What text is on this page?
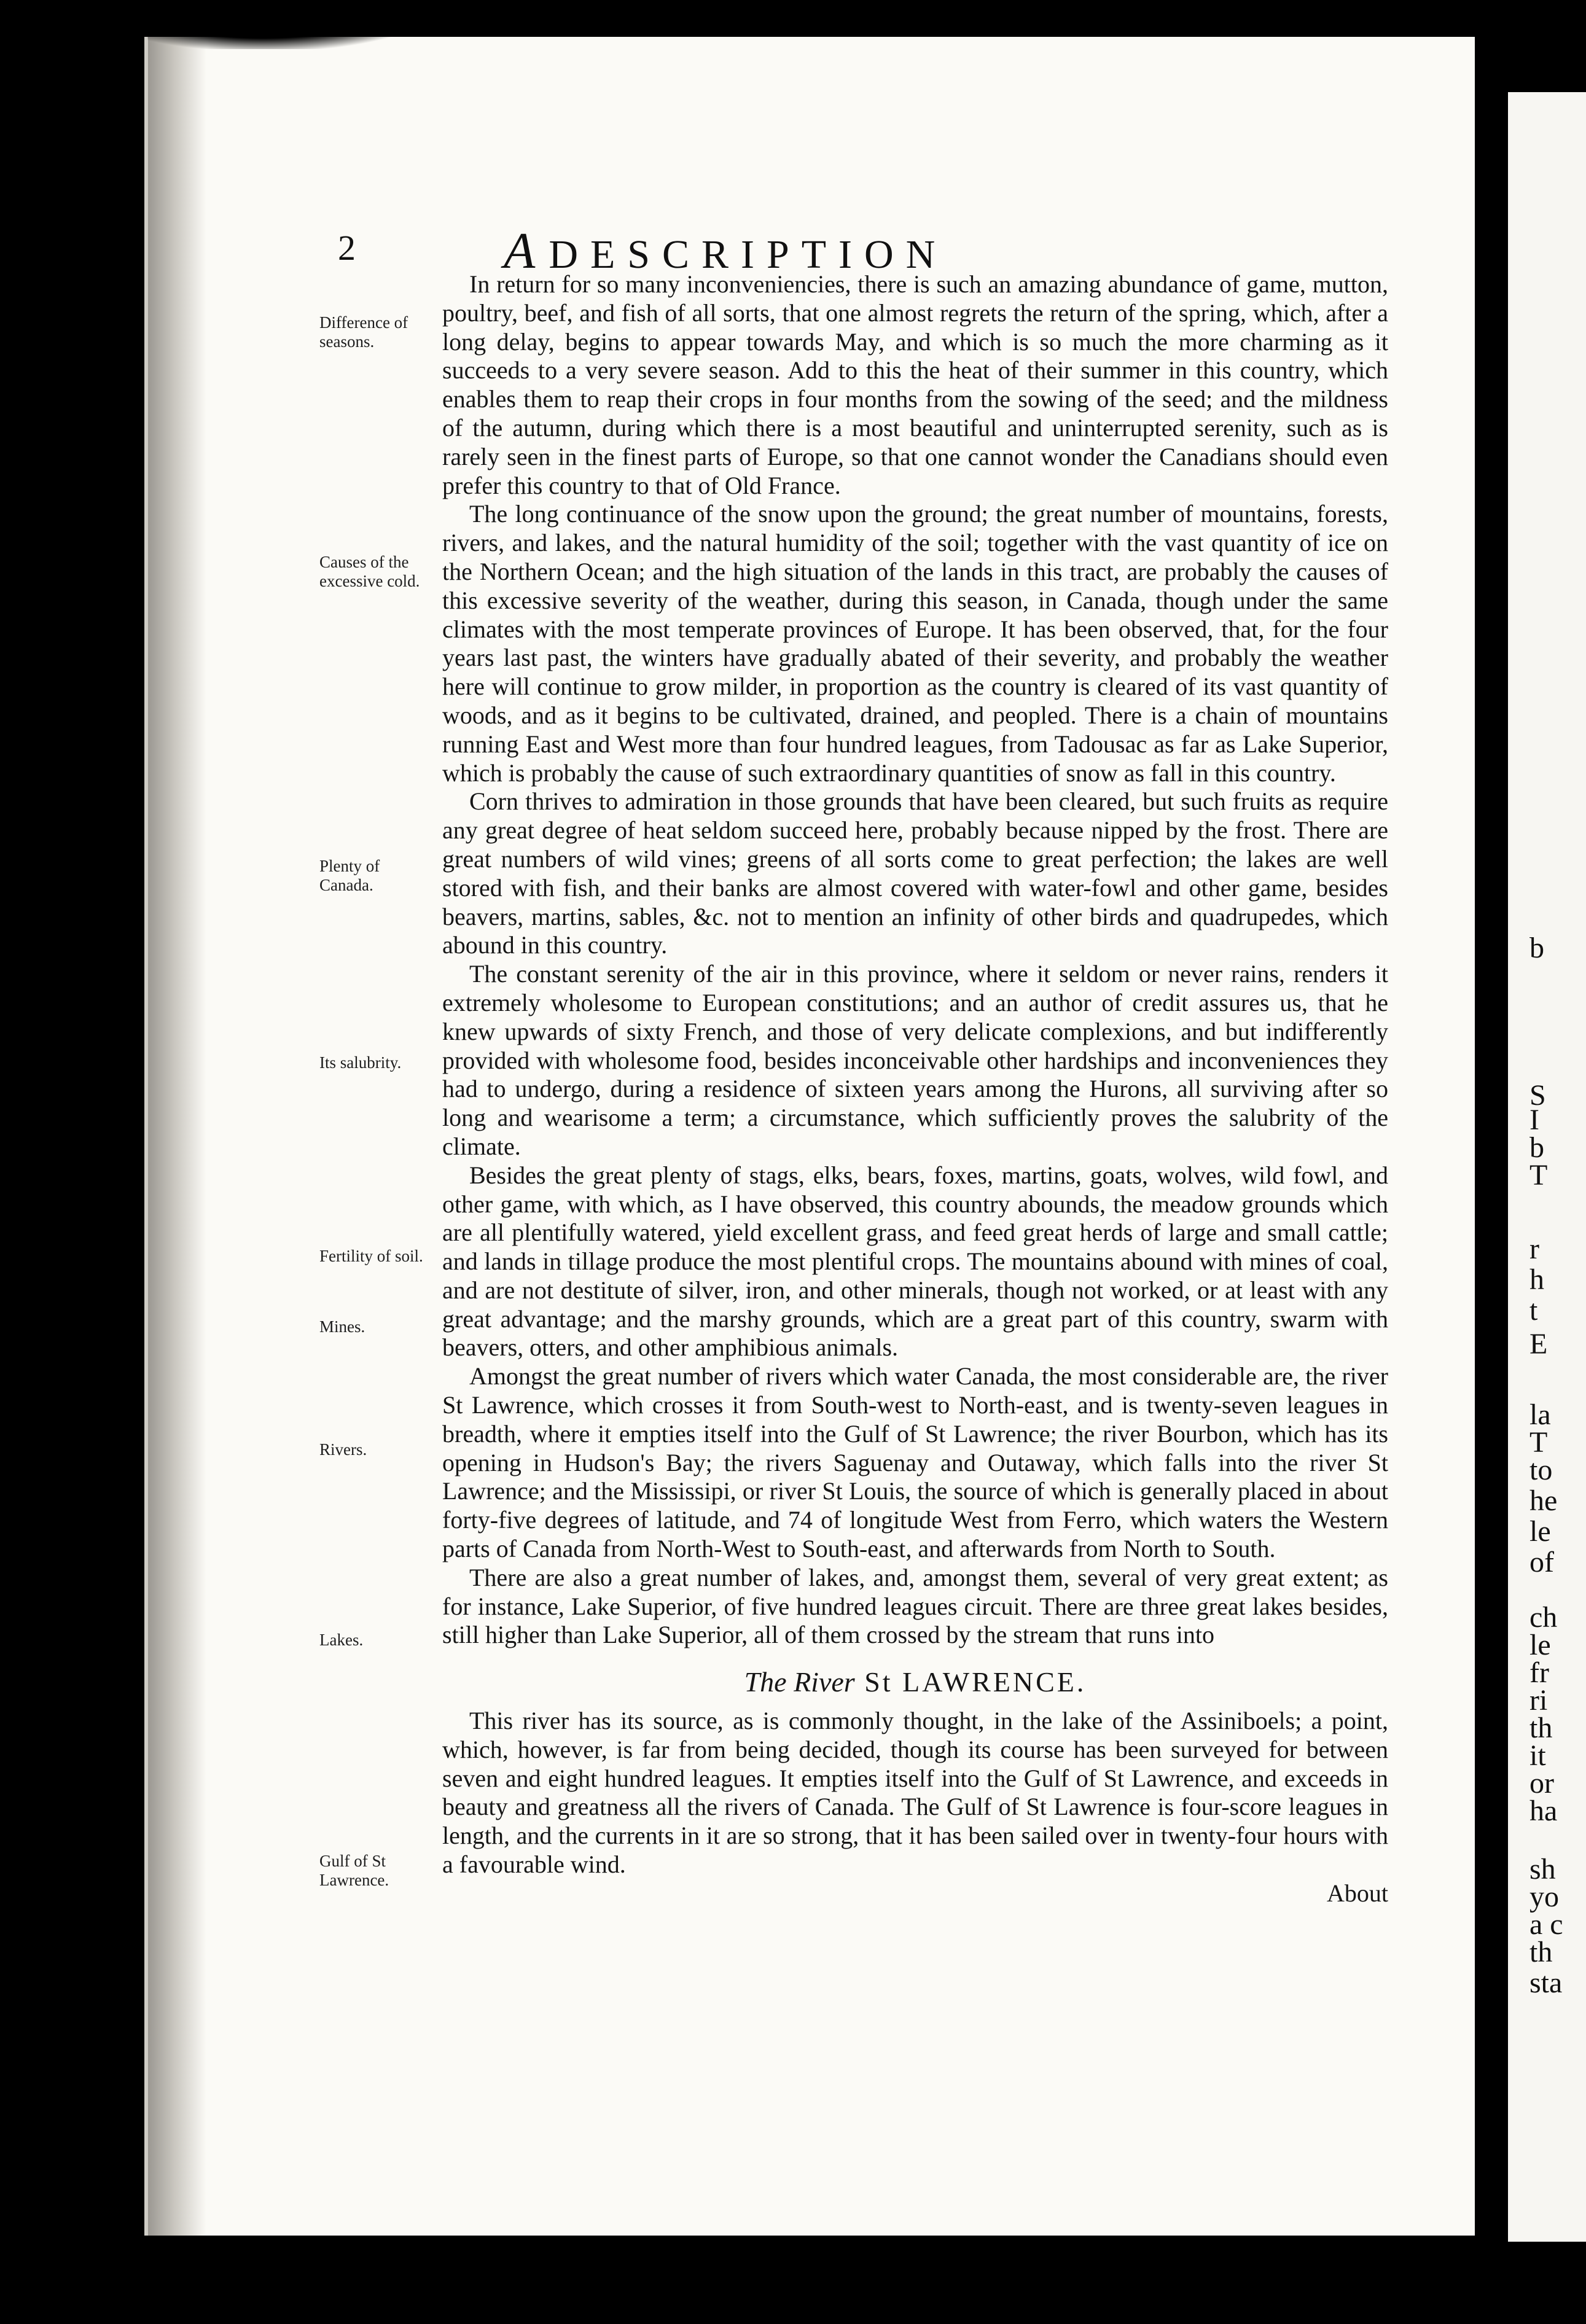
2	A DESCRIPTION
Difference of seasons.
Causes of the excessive cold.
Plenty of Canada.
Its salubrity.
Fertility of soil.
Mines.
Rivers.
Lakes.
Gulf of St Lawrence.

In return for so many inconveniencies, there is such an amazing abundance of game, mutton, poultry, beef, and fish of all sorts, that one almost regrets the return of the spring, which, after a long delay, begins to appear towards May, and which is so much the more charming as it succeeds to a very severe season. Add to this the heat of their summer in this country, which enables them to reap their crops in four months from the sowing of the seed; and the mildness of the autumn, during which there is a most beautiful and uninterrupted serenity, such as is rarely seen in the finest parts of Europe, so that one cannot wonder the Canadians should even prefer this country to that of Old France.

The long continuance of the snow upon the ground; the great number of mountains, forests, rivers, and lakes, and the natural humidity of the soil; together with the vast quantity of ice on the Northern Ocean; and the high situation of the lands in this tract, are probably the causes of this excessive severity of the weather, during this season, in Canada, though under the same climates with the most temperate provinces of Europe. It has been observed, that, for the four years last past, the winters have gradually abated of their severity, and probably the weather here will continue to grow milder, in proportion as the country is cleared of its vast quantity of woods, and as it begins to be cultivated, drained, and peopled. There is a chain of mountains running East and West more than four hundred leagues, from Tadousac as far as Lake Superior, which is probably the cause of such extraordinary quantities of snow as fall in this country.

Corn thrives to admiration in those grounds that have been cleared, but such fruits as require any great degree of heat seldom succeed here, probably because nipped by the frost. There are great numbers of wild vines; greens of all sorts come to great perfection; the lakes are well stored with fish, and their banks are almost covered with water-fowl and other game, besides beavers, martins, sables, &c. not to mention an infinity of other birds and quadrupedes, which abound in this country.

The constant serenity of the air in this province, where it seldom or never rains, renders it extremely wholesome to European constitutions; and an author of credit assures us, that he knew upwards of sixty French, and those of very delicate complexions, and but indifferently provided with wholesome food, besides inconceivable other hardships and inconveniences they had to undergo, during a residence of sixteen years among the Hurons, all surviving after so long and wearisome a term; a circumstance, which sufficiently proves the salubrity of the climate.

Besides the great plenty of stags, elks, bears, foxes, martins, goats, wolves, wild fowl, and other game, with which, as I have observed, this country abounds, the meadow grounds which are all plentifully watered, yield excellent grass, and feed great herds of large and small cattle; and lands in tillage produce the most plentiful crops. The mountains abound with mines of coal, and are not destitute of silver, iron, and other minerals, though not worked, or at least with any great advantage; and the marshy grounds, which are a great part of this country, swarm with beavers, otters, and other amphibious animals.

Amongst the great number of rivers which water Canada, the most considerable are, the river St Lawrence, which crosses it from South-west to North-east, and is twenty-seven leagues in breadth, where it empties itself into the Gulf of St Lawrence; the river Bourbon, which has its opening in Hudson's Bay; the rivers Saguenay and Outaway, which falls into the river St Lawrence; and the Mississipi, or river St Louis, the source of which is generally placed in about forty-five degrees of latitude, and 74 of longitude West from Ferro, which waters the Western parts of Canada from North-West to South-east, and afterwards from North to South.

There are also a great number of lakes, and, amongst them, several of very great extent; as for instance, Lake Superior, of five hundred leagues circuit. There are three great lakes besides, still higher than Lake Superior, all of them crossed by the stream that runs into

The River St LAWRENCE.

This river has its source, as is commonly thought, in the lake of the Assiniboels; a point, which, however, is far from being decided, though its course has been surveyed for between seven and eight hundred leagues. It empties itself into the Gulf of St Lawrence, and exceeds in beauty and greatness all the rivers of Canada. The Gulf of St Lawrence is four-score leagues in length, and the currents in it are so strong, that it has been sailed over in twenty-four hours with a favourable wind.

About

b
S
I
b
T
r
h
t
E
la
T
to
he
le
of
ch
le
fr
ri
th
it
or
ha
sh
yo
a c
th
sta
